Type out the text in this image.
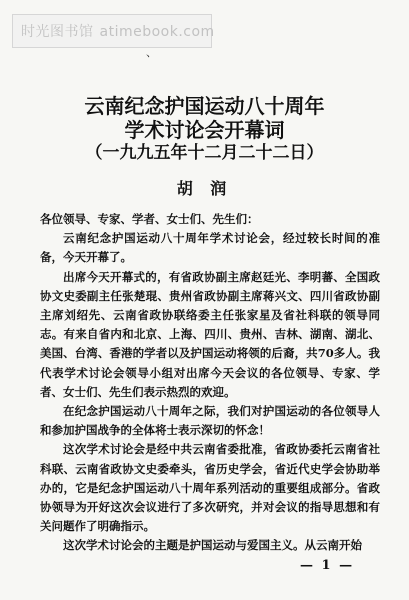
时光图书馆 atimebook.com
、
云南纪念护国运动八十周年
学术讨论会开幕词
（一九九五年十二月二十二日）
胡 润

各位领导、专家、学者、女士们、先生们：

云南纪念护国运动八十周年学术讨论会，经过较长时间的准备，今天开幕了。

出席今天开幕式的，有省政协副主席赵廷光、李明蕃、全国政协文史委副主任张楚琨、贵州省政协副主席蒋兴文、四川省政协副主席刘绍先、云南省政协联络委主任张家星及省社科联的领导同志。有来自省内和北京、上海、四川、贵州、吉林、湖南、湖北、美国、台湾、香港的学者以及护国运动将领的后裔，共70多人。我代表学术讨论会领导小组对出席今天会议的各位领导、专家、学者、女士们、先生们表示热烈的欢迎。

在纪念护国运动八十周年之际，我们对护国运动的各位领导人和参加护国战争的全体将士表示深切的怀念！

这次学术讨论会是经中共云南省委批准，省政协委托云南省社科联、云南省政协文史委牵头，省历史学会，省近代史学会协助举办的，它是纪念护国运动八十周年系列活动的重要组成部分。省政协领导为开好这次会议进行了多次研究，并对会议的指导思想和有关问题作了明确指示。

这次学术讨论会的主题是护国运动与爱国主义。从云南开始

— 1 —
